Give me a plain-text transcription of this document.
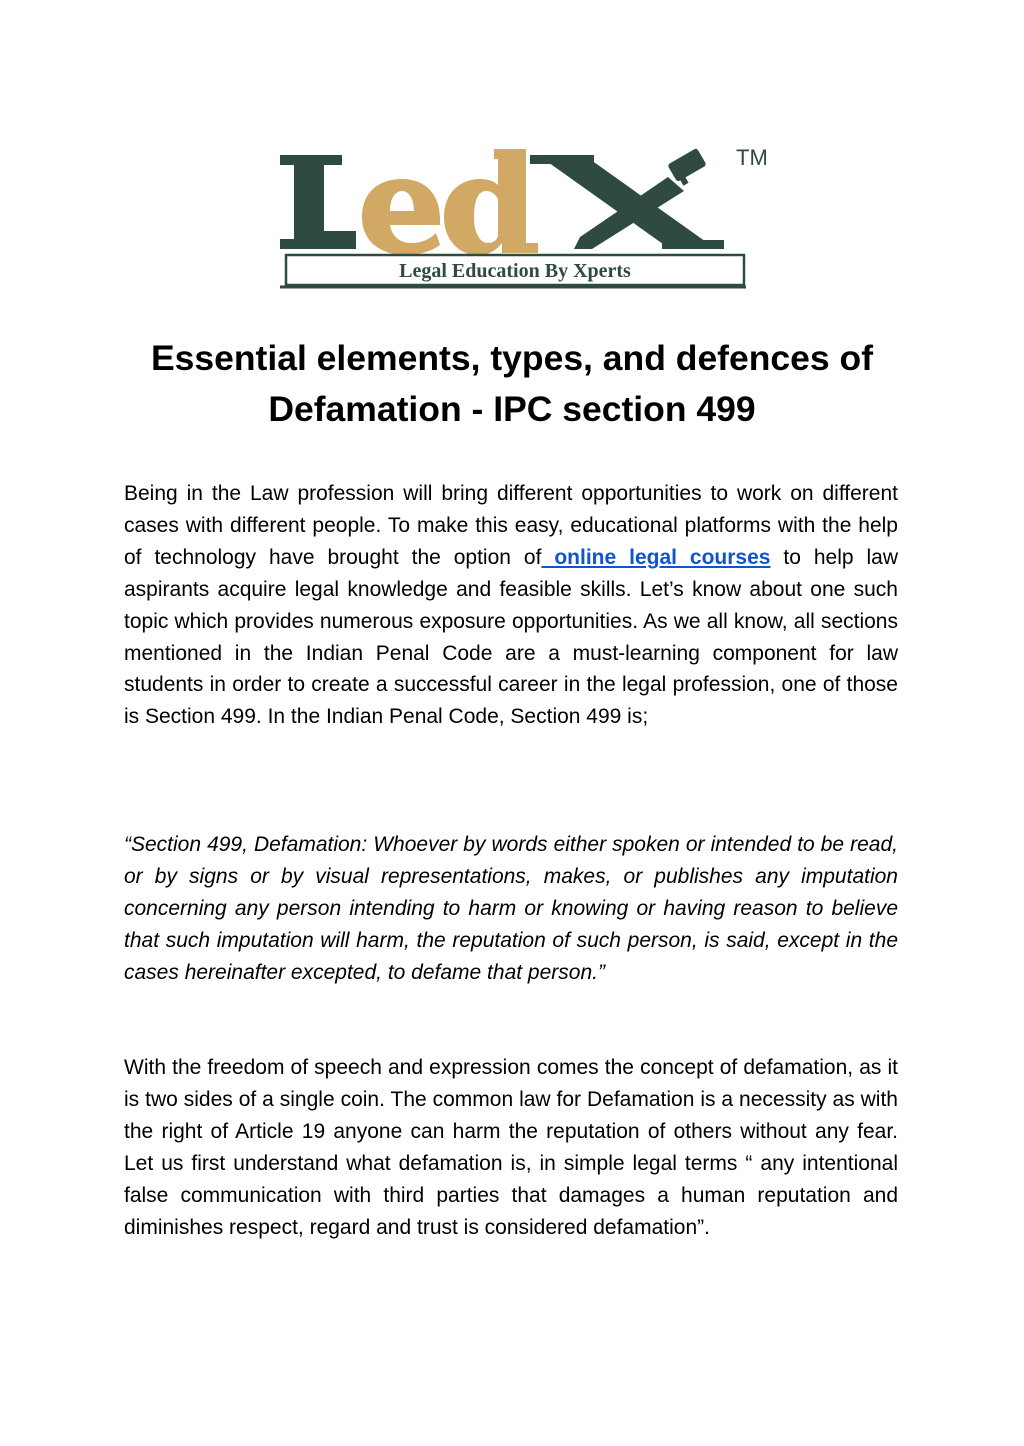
TM
Legal Education By Xperts
Essential elements, types, and defences of Defamation - IPC section 499

Being in the Law profession will bring different opportunities to work on different cases with different people. To make this easy, educational platforms with the help of technology have brought the option of online legal courses to help law aspirants acquire legal knowledge and feasible skills. Let’s know about one such topic which provides numerous exposure opportunities. As we all know, all sections mentioned in the Indian Penal Code are a must-learning component for law students in order to create a successful career in the legal profession, one of those is Section 499. In the Indian Penal Code, Section 499 is;

“Section 499, Defamation: Whoever by words either spoken or intended to be read, or by signs or by visual representations, makes, or publishes any imputation concerning any person intending to harm or knowing or having reason to believe that such imputation will harm, the reputation of such person, is said, except in the cases hereinafter excepted, to defame that person.”

With the freedom of speech and expression comes the concept of defamation, as it is two sides of a single coin. The common law for Defamation is a necessity as with the right of Article 19 anyone can harm the reputation of others without any fear. Let us first understand what defamation is, in simple legal terms “ any intentional false communication with third parties that damages a human reputation and diminishes respect, regard and trust is considered defamation”.
